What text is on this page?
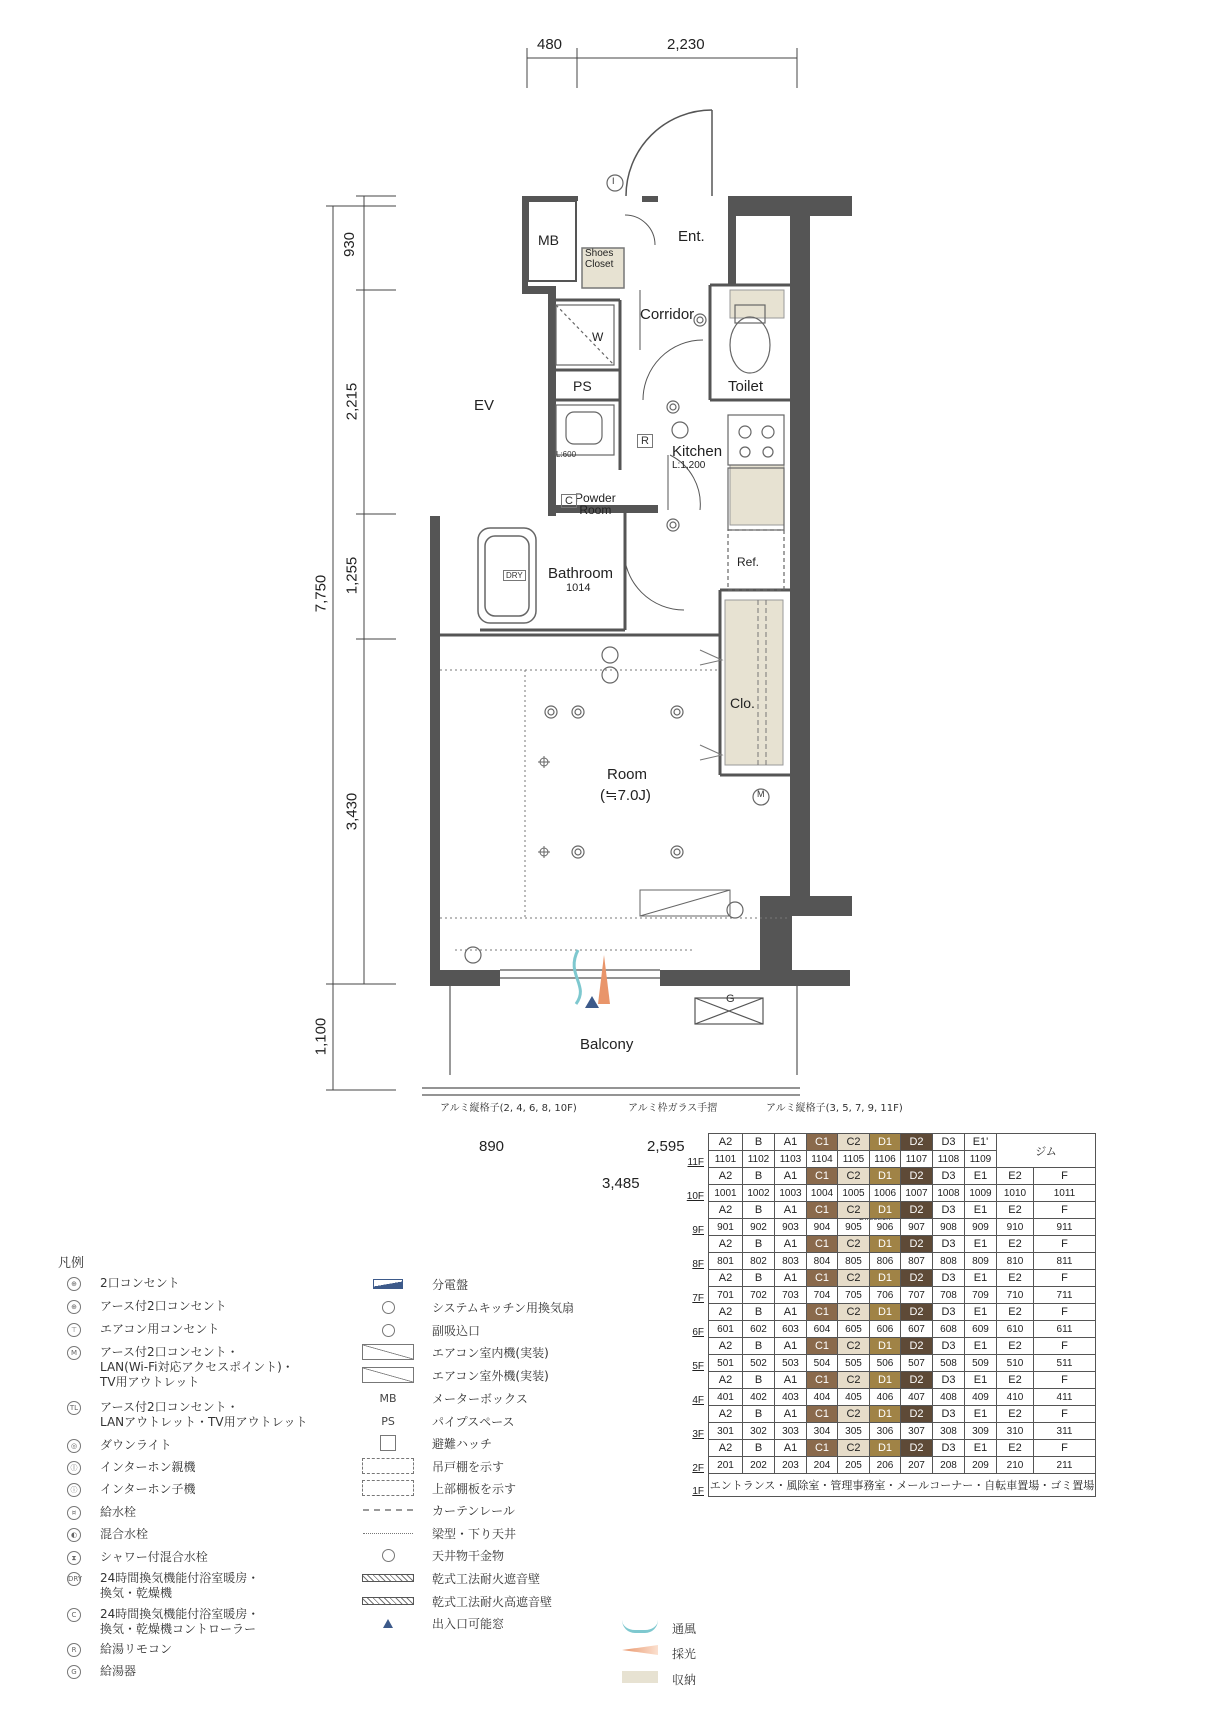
480	2,230
930
2,215
1,255
3,430
7,750
1,100
890	2,595
3,485
MB
Shoes
Closet
Ent.
Corridor
W
PS	Toilet
EV
Kitchen
L:1,200
L:600
Powder
Room
Bathroom
1014
Ref.
Clo.
Room
(≒7.0J)
Balcony
DRY
R
C
G
M
I
アルミ縦格子(2, 4, 6, 8, 10F)	アルミ枠ガラス手摺	アルミ縦格子(3, 5, 7, 9, 11F)
凡例
11F	A2	B	A1	C1	C2	D1	D2	D3	E1'	ジム	
	1101	1102	1103	1104	1105	1106	1107	1108	1109		
10F	A2	B	A1	C1	C2	D1	D2	D3	E1	E2	F
	1001	1002	1003	1004	1005	1006	1007	1008	1009	1010	1011
9F	A2	B	A1	C1	C2	D1	D2	D3	E1	E2	F
	901	902	903	904	905	906	907	908	909	910	911
8F	A2	B	A1	C1	C2	D1	D2	D3	E1	E2	F
	801	802	803	804	805	806	807	808	809	810	811
7F	A2	B	A1	C1	C2	D1	D2	D3	E1	E2	F
	701	702	703	704	705	706	707	708	709	710	711
6F	A2	B	A1	C1	C2	D1	D2	D3	E1	E2	F
	601	602	603	604	605	606	607	608	609	610	611
5F	A2	B	A1	C1	C2	D1	D2	D3	E1	E2	F
	501	502	503	504	505	506	507	508	509	510	511
4F	A2	B	A1	C1	C2	D1	D2	D3	E1	E2	F
	401	402	403	404	405	406	407	408	409	410	411
3F	A2	B	A1	C1	C2	D1	D2	D3	E1	E2	F
	301	302	303	304	305	306	307	308	309	310	311
2F	A2	B	A1	C1	C2	D1	D2	D3	E1	E2	F
	201	202	203	204	205	206	207	208	209	210	211
1F	エントランス・風除室・管理事務室・メールコーナー・自転車置場・ゴミ置場										
⊕	2口コンセント
⊕	アース付2口コンセント
⊤	エアコン用コンセント
M	アース付2口コンセント・
LAN(Wi-Fi対応アクセスポイント)・
TV用アウトレット
TL アース付2口コンセント・
LANアウトレット・TV用アウトレット
◎	ダウンライト
Ⓘ インターホン親機
ⓘ インターホン子機
¤	給水栓
◐	混合水栓
⧗	シャワー付混合水栓
DRY 24時間換気機能付浴室暖房・
換気・乾燥機
C	24時間換気機能付浴室暖房・
換気・乾燥機コントローラー
R	給湯リモコン
G	給湯器
分電盤
システムキッチン用換気扇
副吸込口
エアコン室内機(実装)
エアコン室外機(実装)
MB	メーターボックス
PS	パイプスペース
避難ハッチ
吊戸棚を示す
上部棚板を示す
カーテンレール
梁型・下り天井
天井物干金物
乾式工法耐火遮音壁
乾式工法耐火高遮音壁
出入口可能窓	通風
採光
収納
